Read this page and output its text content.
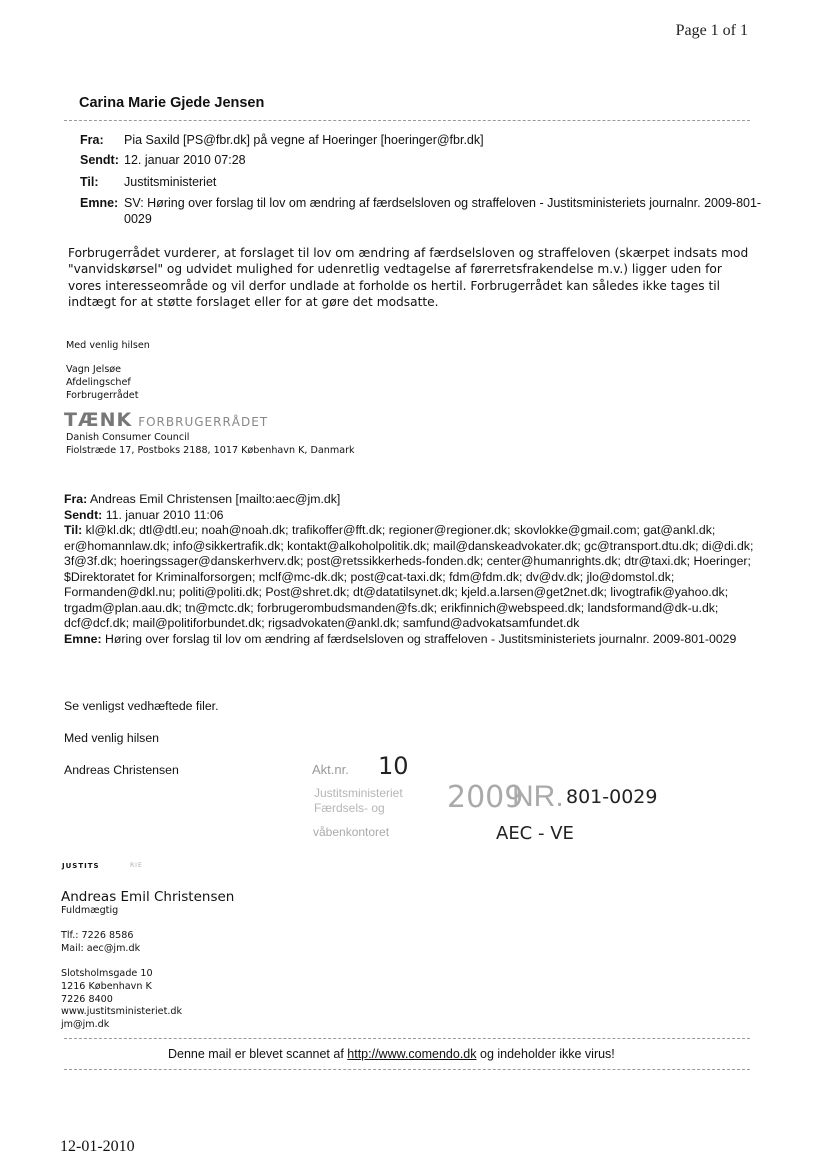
Page 1 of 1
Carina Marie Gjede Jensen
Fra: Pia Saxild [PS@fbr.dk] på vegne af Hoeringer [hoeringer@fbr.dk]
Sendt: 12. januar 2010 07:28
Til: Justitsministeriet
Emne: SV: Høring over forslag til lov om ændring af færdselsloven og straffeloven - Justitsministeriets journalnr. 2009-801-0029
Forbrugerrådet vurderer, at forslaget til lov om ændring af færdselsloven og straffeloven (skærpet indsats mod "vanvidskørsel" og udvidet mulighed for udenretlig vedtagelse af førerretsfrakendelse m.v.) ligger uden for vores interesseområde og vil derfor undlade at forholde os hertil. Forbrugerrådet kan således ikke tages til indtægt for at støtte forslaget eller for at gøre det modsatte.
Med venlig hilsen
Vagn Jelsøe
Afdelingschef
Forbrugerrådet
TÆNK FORBRUGERRÅDET
Danish Consumer Council
Fiolstræde 17, Postboks 2188, 1017 København K, Danmark
Fra: Andreas Emil Christensen [mailto:aec@jm.dk]
Sendt: 11. januar 2010 11:06
Til: kl@kl.dk; dtl@dtl.eu; noah@noah.dk; trafikoffer@fft.dk; regioner@regioner.dk; skovlokke@gmail.com; gat@ankl.dk; er@homannlaw.dk; info@sikkertrafik.dk; kontakt@alkoholpolitik.dk; mail@danskeadvokater.dk; gc@transport.dtu.dk; di@di.dk; 3f@3f.dk; hoeringssager@danskerhverv.dk; post@retssikkerheds-fonden.dk; center@humanrights.dk; dtr@taxi.dk; Hoeringer; $Direktoratet for Kriminalforsorgen; mclf@mc-dk.dk; post@cat-taxi.dk; fdm@fdm.dk; dv@dv.dk; jlo@domstol.dk; Formanden@dkl.nu; politi@politi.dk; Post@shret.dk; dt@datatilsynet.dk; kjeld.a.larsen@get2net.dk; livogtrafik@yahoo.dk; trgadm@plan.aau.dk; tn@mctc.dk; forbrugerombudsmanden@fs.dk; erikfinnich@webspeed.dk; landsformand@dk-u.dk; dcf@dcf.dk; mail@politiforbundet.dk; rigsadvokaten@ankl.dk; samfund@advokatsamfundet.dk
Emne: Høring over forslag til lov om ændring af færdselsloven og straffeloven - Justitsministeriets journalnr. 2009-801-0029
Se venligst vedhæftede filer.
Med venlig hilsen
Andreas Christensen	Akt.nr. 10
Justitsministeriet
Færdsels- og
våbenkontoret
2009
NR. 801-0029
AEC - VE
JUSTITS	RIE
Andreas Emil Christensen
Fuldmægtig
Tlf.: 7226 8586
Mail: aec@jm.dk
Slotsholmsgade 10
1216 København K
7226 8400
www.justitsministeriet.dk
jm@jm.dk
Denne mail er blevet scannet af http://www.comendo.dk og indeholder ikke virus!
12-01-2010
